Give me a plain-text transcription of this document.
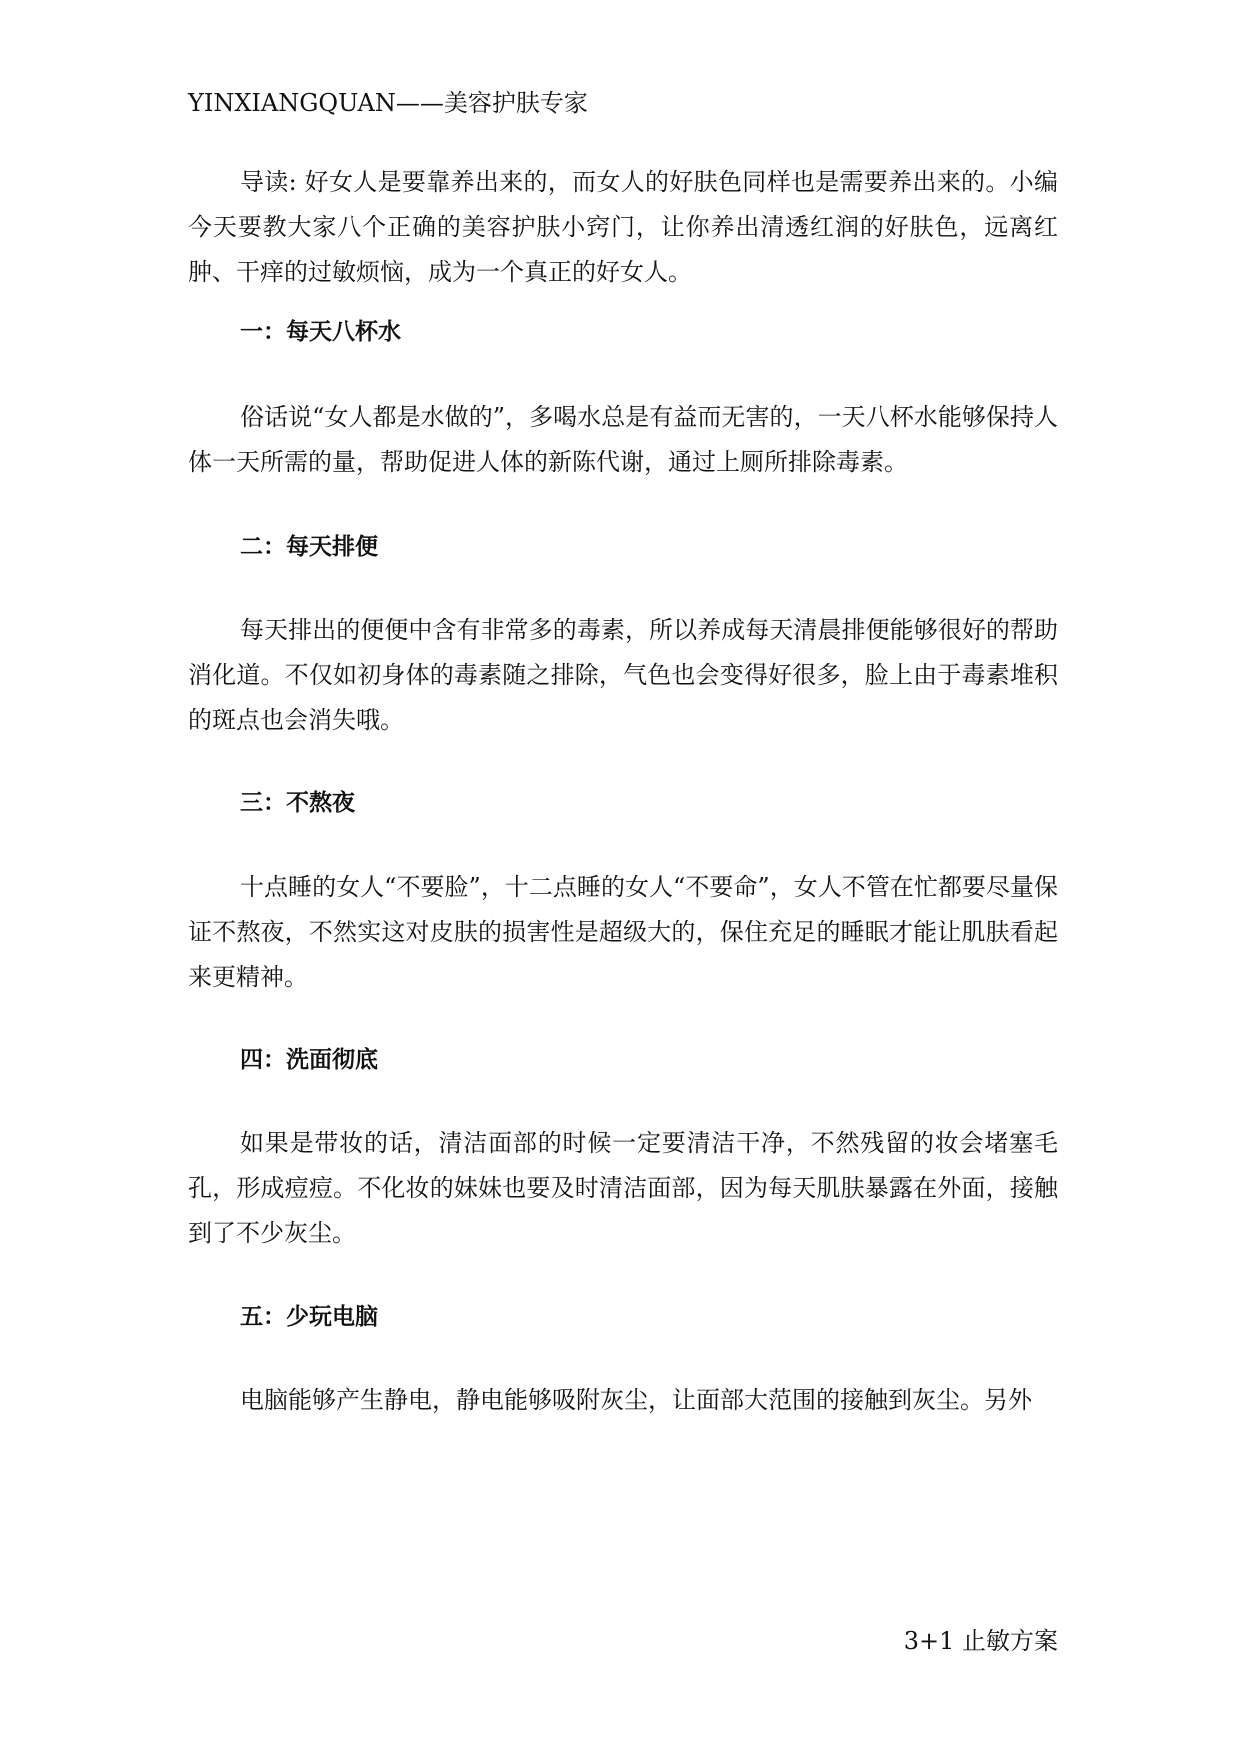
YINXIANGQUAN——美容护肤专家
导读: 好女人是要靠养出来的，而女人的好肤色同样也是需要养出来的。小编今天要教大家八个正确的美容护肤小窍门，让你养出清透红润的好肤色，远离红肿、干痒的过敏烦恼，成为一个真正的好女人。
一：每天八杯水
俗话说“女人都是水做的”，多喝水总是有益而无害的，一天八杯水能够保持人体一天所需的量，帮助促进人体的新陈代谢，通过上厕所排除毒素。
二：每天排便
每天排出的便便中含有非常多的毒素，所以养成每天清晨排便能够很好的帮助消化道。不仅如初身体的毒素随之排除，气色也会变得好很多，脸上由于毒素堆积的斑点也会消失哦。
三：不熬夜
十点睡的女人“不要脸”，十二点睡的女人“不要命”，女人不管在忙都要尽量保证不熬夜，不然实这对皮肤的损害性是超级大的，保住充足的睡眠才能让肌肤看起来更精神。
四：洗面彻底
如果是带妆的话，清洁面部的时候一定要清洁干净，不然残留的妆会堵塞毛孔，形成痘痘。不化妆的妹妹也要及时清洁面部，因为每天肌肤暴露在外面，接触到了不少灰尘。
五：少玩电脑
电脑能够产生静电，静电能够吸附灰尘，让面部大范围的接触到灰尘。另外
3+1 止敏方案
